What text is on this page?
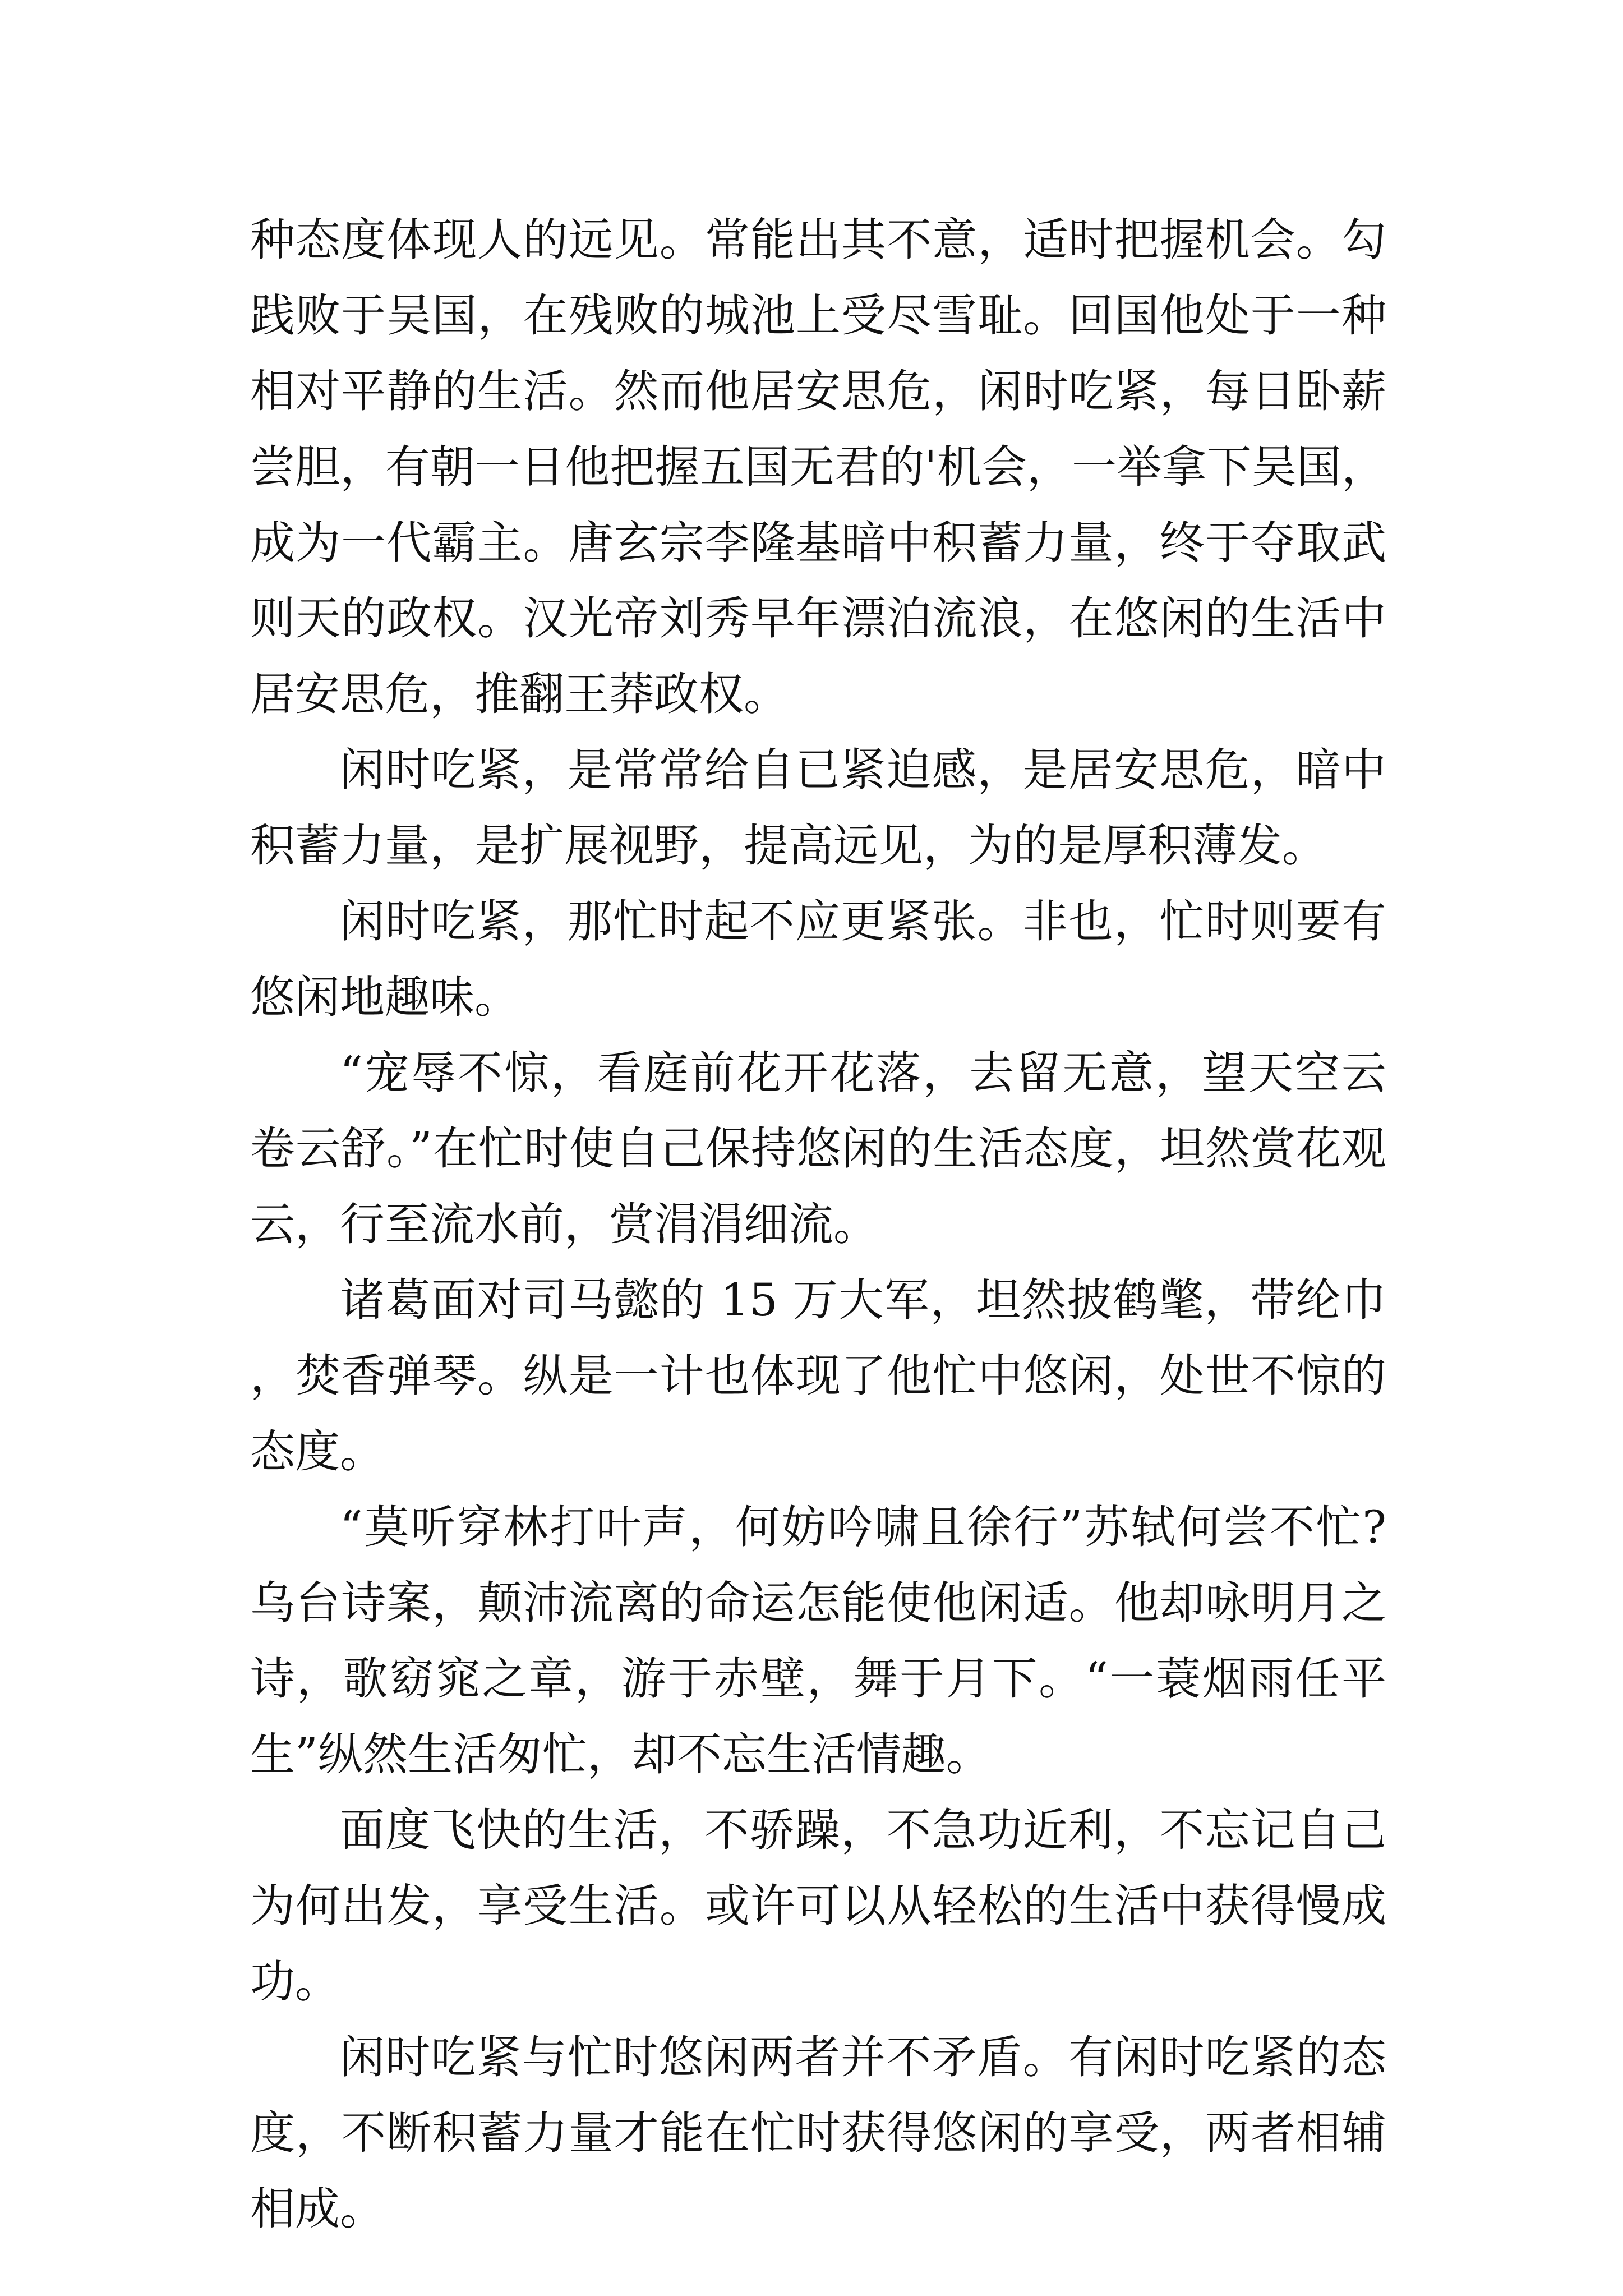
种态度体现人的远见。常能出其不意，适时把握机会。勾践败于吴国，在残败的城池上受尽雪耻。回国他处于一种相对平静的生活。然而他居安思危，闲时吃紧，每日卧薪尝胆，有朝一日他把握五国无君的'机会，一举拿下吴国，成为一代霸主。唐玄宗李隆基暗中积蓄力量，终于夺取武则天的政权。汉光帝刘秀早年漂泊流浪，在悠闲的生活中居安思危，推翻王莽政权。

闲时吃紧，是常常给自已紧迫感，是居安思危，暗中积蓄力量，是扩展视野，提高远见，为的是厚积薄发。

闲时吃紧，那忙时起不应更紧张。非也，忙时则要有悠闲地趣味。

“宠辱不惊，看庭前花开花落，去留无意，望天空云卷云舒。”在忙时使自己保持悠闲的生活态度，坦然赏花观云，行至流水前，赏涓涓细流。

诸葛面对司马懿的 15 万大军，坦然披鹤氅，带纶巾，焚香弹琴。纵是一计也体现了他忙中悠闲，处世不惊的态度。

“莫听穿林打叶声，何妨吟啸且徐行”苏轼何尝不忙?乌台诗案，颠沛流离的命运怎能使他闲适。他却咏明月之诗，歌窈窕之章，游于赤壁，舞于月下。“一蓑烟雨任平生”纵然生活匆忙，却不忘生活情趣。

面度飞快的生活，不骄躁，不急功近利，不忘记自己为何出发，享受生活。或许可以从轻松的生活中获得慢成功。

闲时吃紧与忙时悠闲两者并不矛盾。有闲时吃紧的态度，不断积蓄力量才能在忙时获得悠闲的享受，两者相辅相成。
